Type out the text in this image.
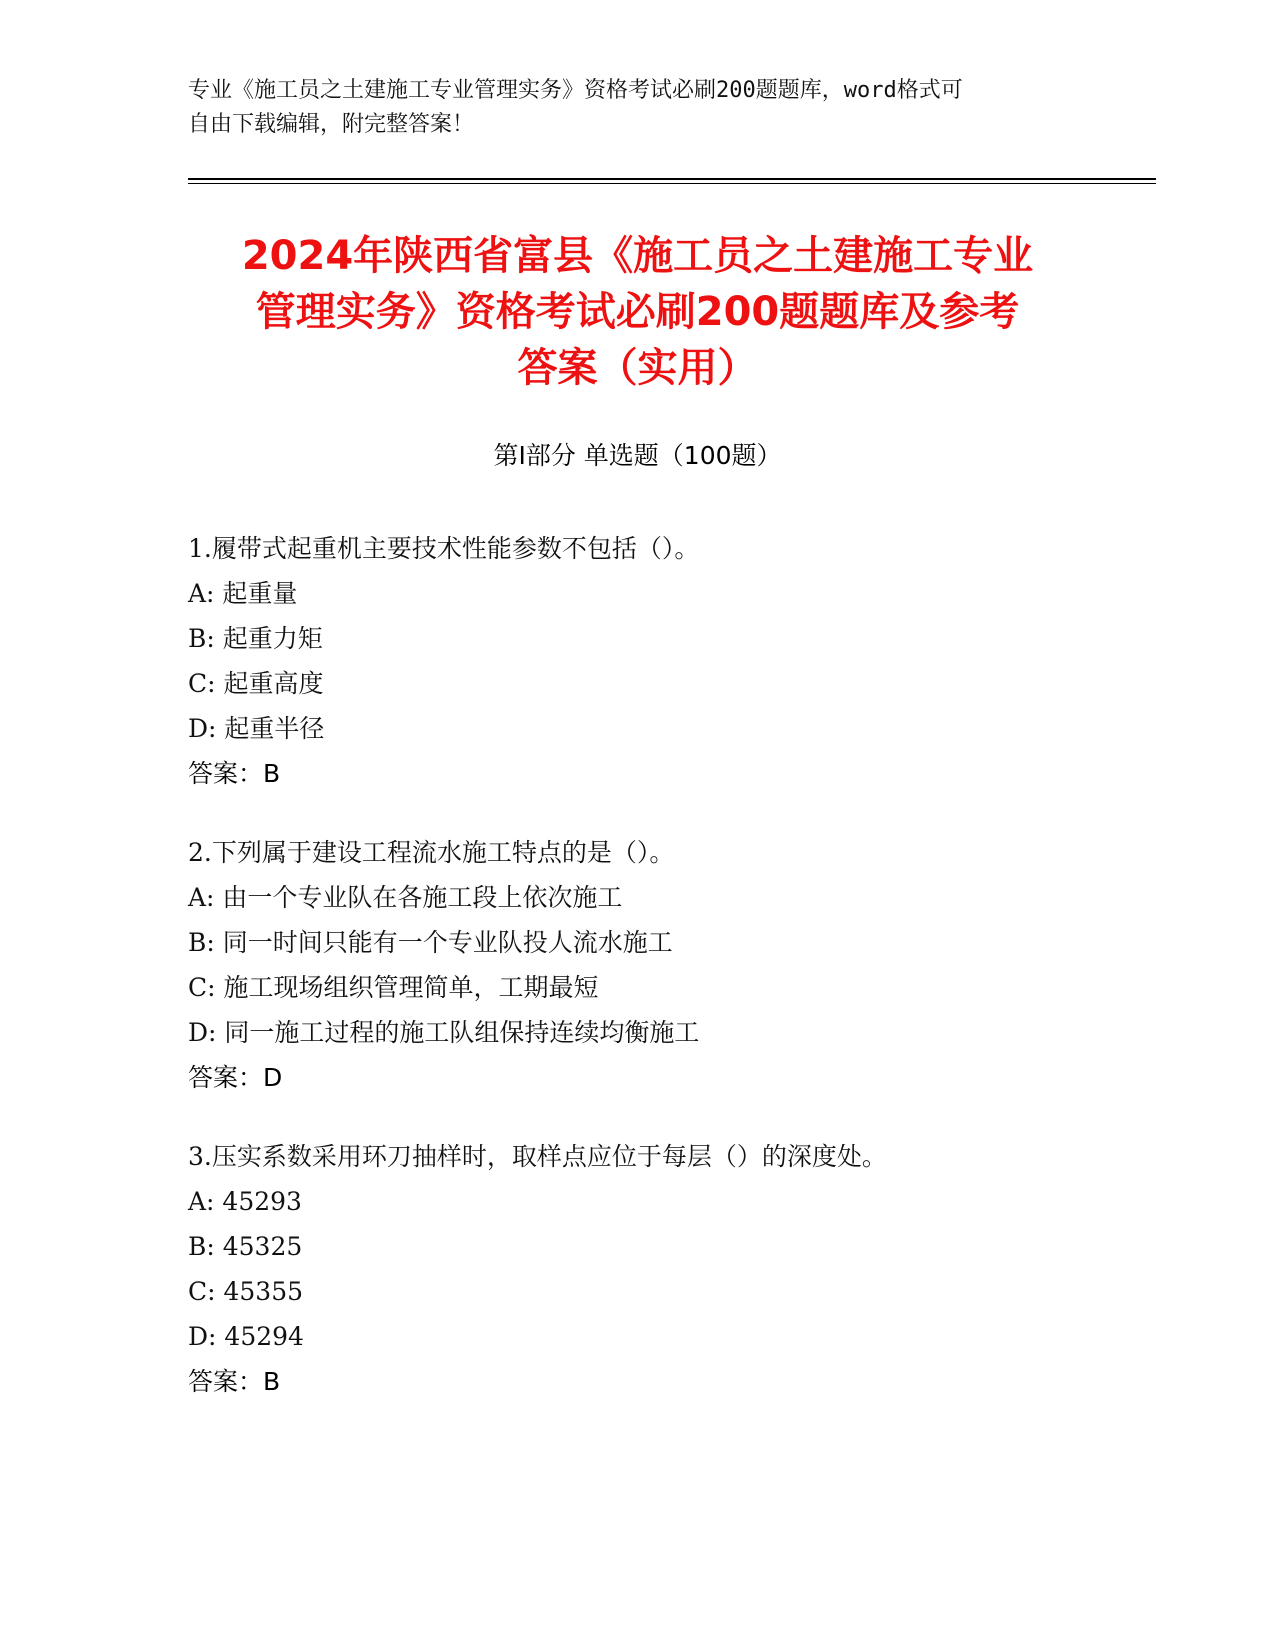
专业《施工员之土建施工专业管理实务》资格考试必刷200题题库，word格式可
自由下载编辑，附完整答案！
2024年陕西省富县《施工员之土建施工专业
管理实务》资格考试必刷200题题库及参考
答案（实用）
第Ⅰ部分 单选题（100题）
1.履带式起重机主要技术性能参数不包括（）。
A: 起重量
B: 起重力矩
C: 起重高度
D: 起重半径
答案：B
2.下列属于建设工程流水施工特点的是（）。
A: 由一个专业队在各施工段上依次施工
B: 同一时间只能有一个专业队投人流水施工
C: 施工现场组织管理简单，工期最短
D: 同一施工过程的施工队组保持连续均衡施工
答案：D
3.压实系数采用环刀抽样时，取样点应位于每层（）的深度处。
A: 45293
B: 45325
C: 45355
D: 45294
答案：B
